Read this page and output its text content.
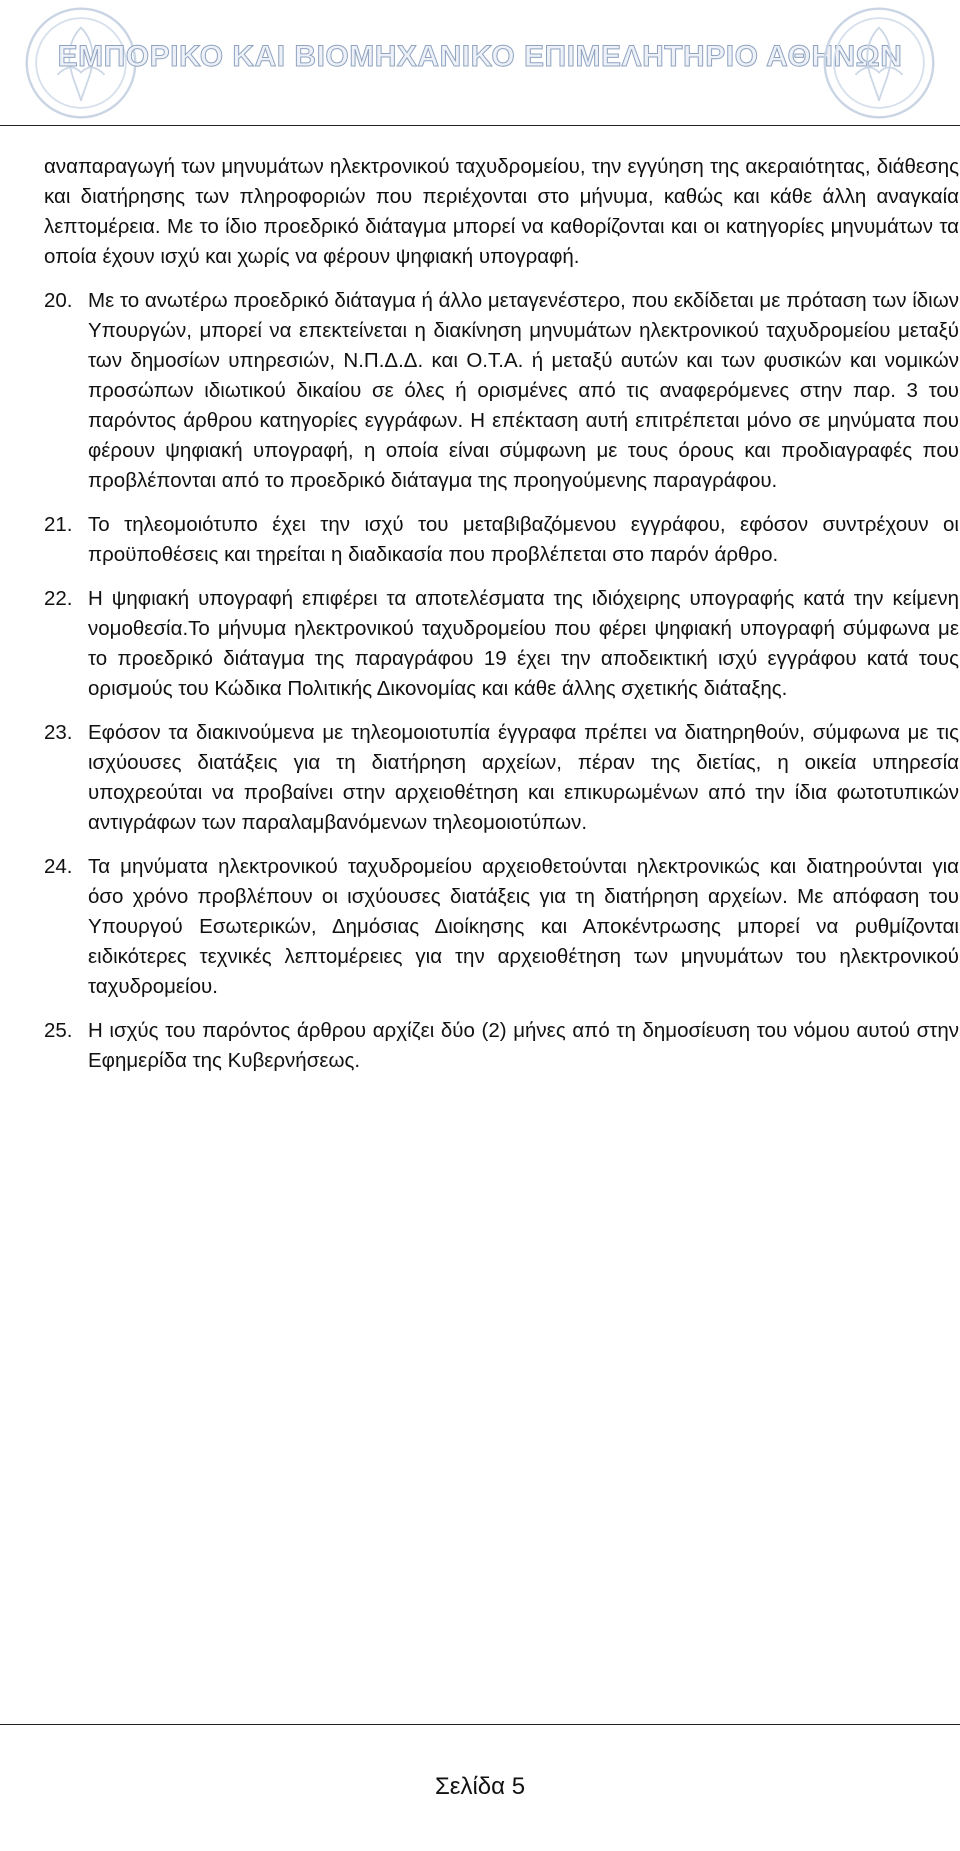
ΕΜΠΟΡΙΚΟ ΚΑΙ ΒΙΟΜΗΧΑΝΙΚΟ ΕΠΙΜΕΛΗΤΗΡΙΟ ΑΘΗΝΩΝ

αναπαραγωγή των μηνυμάτων ηλεκτρονικού ταχυδρομείου, την εγγύηση της ακεραιότητας, διάθεσης και διατήρησης των πληροφοριών που περιέχονται στο μήνυμα, καθώς και κάθε άλλη αναγκαία λεπτομέρεια. Με το ίδιο προεδρικό διάταγμα μπορεί να καθορίζονται και οι κατηγορίες μηνυμάτων τα οποία έχουν ισχύ και χωρίς να φέρουν ψηφιακή υπογραφή.

20. Με το ανωτέρω προεδρικό διάταγμα ή άλλο μεταγενέστερο, που εκδίδεται με πρόταση των ίδιων Υπουργών, μπορεί να επεκτείνεται η διακίνηση μηνυμάτων ηλεκτρονικού ταχυδρομείου μεταξύ των δημοσίων υπηρεσιών, Ν.Π.Δ.Δ. και Ο.Τ.Α. ή μεταξύ αυτών και των φυσικών και νομικών προσώπων ιδιωτικού δικαίου σε όλες ή ορισμένες από τις αναφερόμενες στην παρ. 3 του παρόντος άρθρου κατηγορίες εγγράφων. Η επέκταση αυτή επιτρέπεται μόνο σε μηνύματα που φέρουν ψηφιακή υπογραφή, η οποία είναι σύμφωνη με τους όρους και προδιαγραφές που προβλέπονται από το προεδρικό διάταγμα της προηγούμενης παραγράφου.
21. Το τηλεομοιότυπο έχει την ισχύ του μεταβιβαζόμενου εγγράφου, εφόσον συντρέχουν οι προϋποθέσεις και τηρείται η διαδικασία που προβλέπεται στο παρόν άρθρο.
22. Η ψηφιακή υπογραφή επιφέρει τα αποτελέσματα της ιδιόχειρης υπογραφής κατά την κείμενη νομοθεσία.Το μήνυμα ηλεκτρονικού ταχυδρομείου που φέρει ψηφιακή υπογραφή σύμφωνα με το προεδρικό διάταγμα της παραγράφου 19 έχει την αποδεικτική ισχύ εγγράφου κατά τους ορισμούς του Κώδικα Πολιτικής Δικονομίας και κάθε άλλης σχετικής διάταξης.
23. Εφόσον τα διακινούμενα με τηλεομοιοτυπία έγγραφα πρέπει να διατηρηθούν, σύμφωνα με τις ισχύουσες διατάξεις για τη διατήρηση αρχείων, πέραν της διετίας, η οικεία υπηρεσία υποχρεούται να προβαίνει στην αρχειοθέτηση και επικυρωμένων από την ίδια φωτοτυπικών αντιγράφων των παραλαμβανόμενων τηλεομοιοτύπων.
24. Τα μηνύματα ηλεκτρονικού ταχυδρομείου αρχειοθετούνται ηλεκτρονικώς και διατηρούνται για όσο χρόνο προβλέπουν οι ισχύουσες διατάξεις για τη διατήρηση αρχείων. Με απόφαση του Υπουργού Εσωτερικών, Δημόσιας Διοίκησης και Αποκέντρωσης μπορεί να ρυθμίζονται ειδικότερες τεχνικές λεπτομέρειες για την αρχειοθέτηση των μηνυμάτων του ηλεκτρονικού ταχυδρομείου.
25. Η ισχύς του παρόντος άρθρου αρχίζει δύο (2) μήνες από τη δημοσίευση του νόμου αυτού στην Εφημερίδα της Κυβερνήσεως.
Σελίδα 5
